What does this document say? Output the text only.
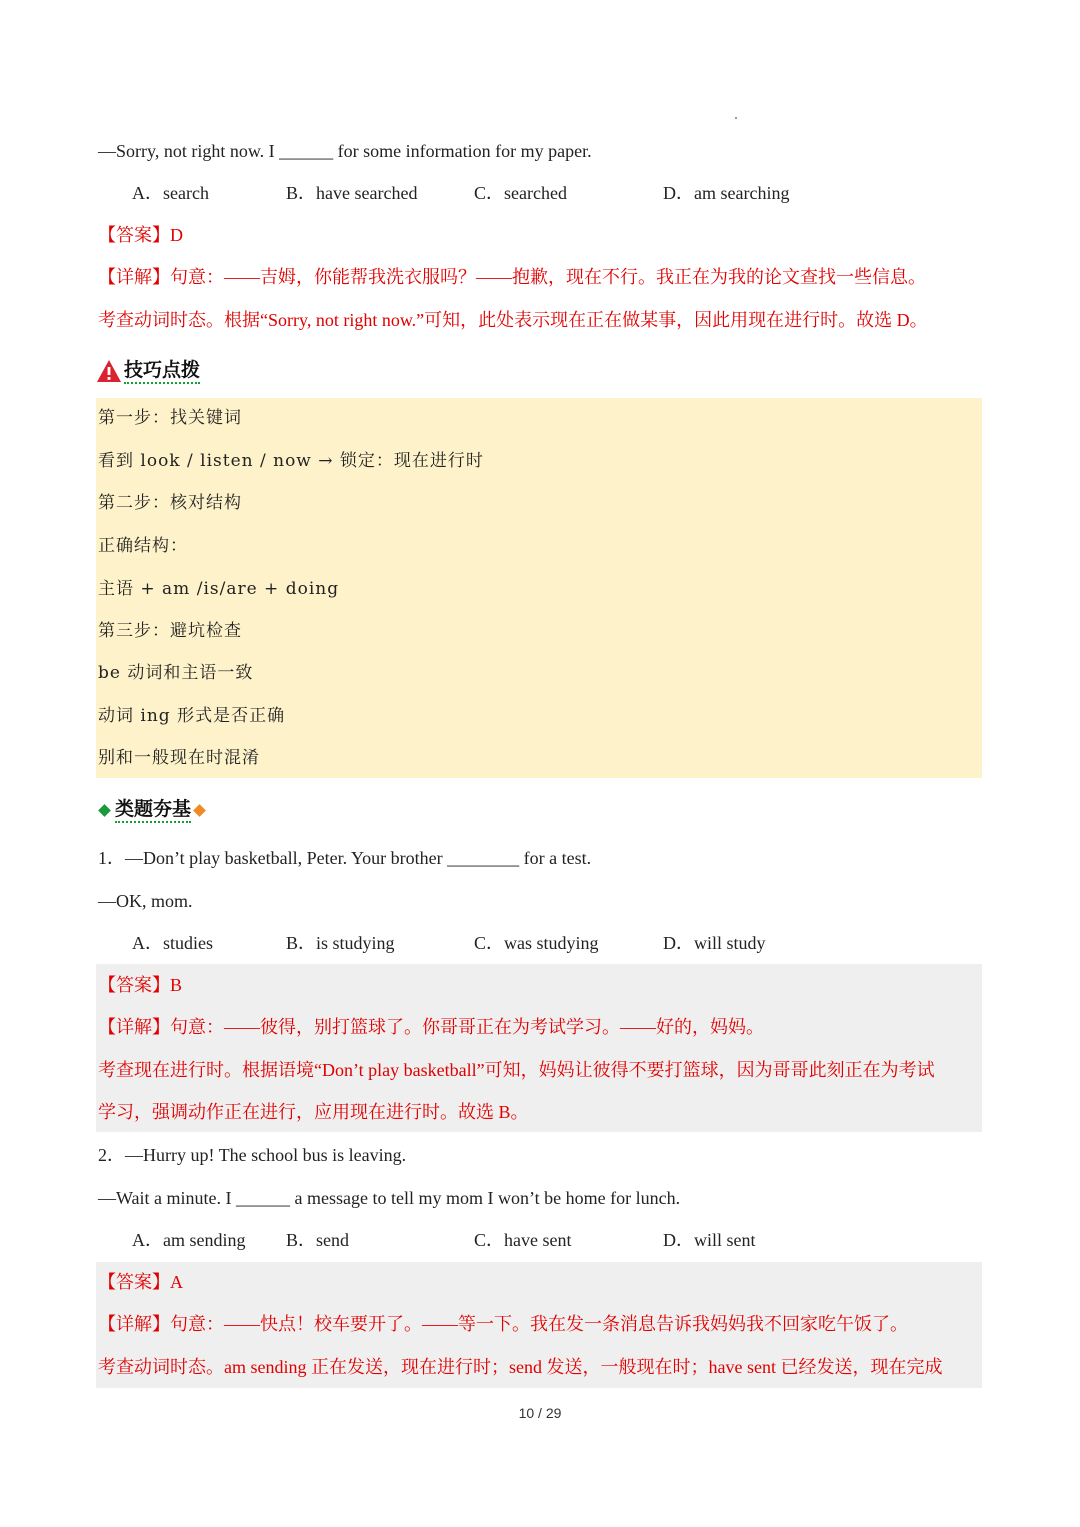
—Sorry, not right now. I ______ for some information for my paper.
A．search	B．have searched	C．searched	D．am searching
【答案】D
【详解】句意：——吉姆，你能帮我洗衣服吗？——抱歉，现在不行。我正在为我的论文查找一些信息。
考查动词时态。根据“Sorry, not right now.”可知，此处表示现在正在做某事，因此用现在进行时。故选 D。
技巧点拨
第一步：找关键词
看到 look / listen / now → 锁定：现在进行时
第二步：核对结构
正确结构：
主语 + am /is/are + doing
第三步：避坑检查
be 动词和主语一致
动词 ing 形式是否正确
别和一般现在时混淆
类题夯基
1．—Don’t play basketball, Peter. Your brother ________ for a test.
—OK, mom.
A．studies	B．is studying	C．was studying	D．will study
【答案】B
【详解】句意：——彼得，别打篮球了。你哥哥正在为考试学习。——好的，妈妈。
考查现在进行时。根据语境“Don’t play basketball”可知，妈妈让彼得不要打篮球，因为哥哥此刻正在为考试
学习，强调动作正在进行，应用现在进行时。故选 B。
2．—Hurry up! The school bus is leaving.
—Wait a minute. I ______ a message to tell my mom I won’t be home for lunch.
A．am sending B．send	C．have sent	D．will sent
【答案】A
【详解】句意：——快点！校车要开了。——等一下。我在发一条消息告诉我妈妈我不回家吃午饭了。
考查动词时态。am sending 正在发送，现在进行时；send 发送，一般现在时；have sent 已经发送，现在完成
10 / 29
